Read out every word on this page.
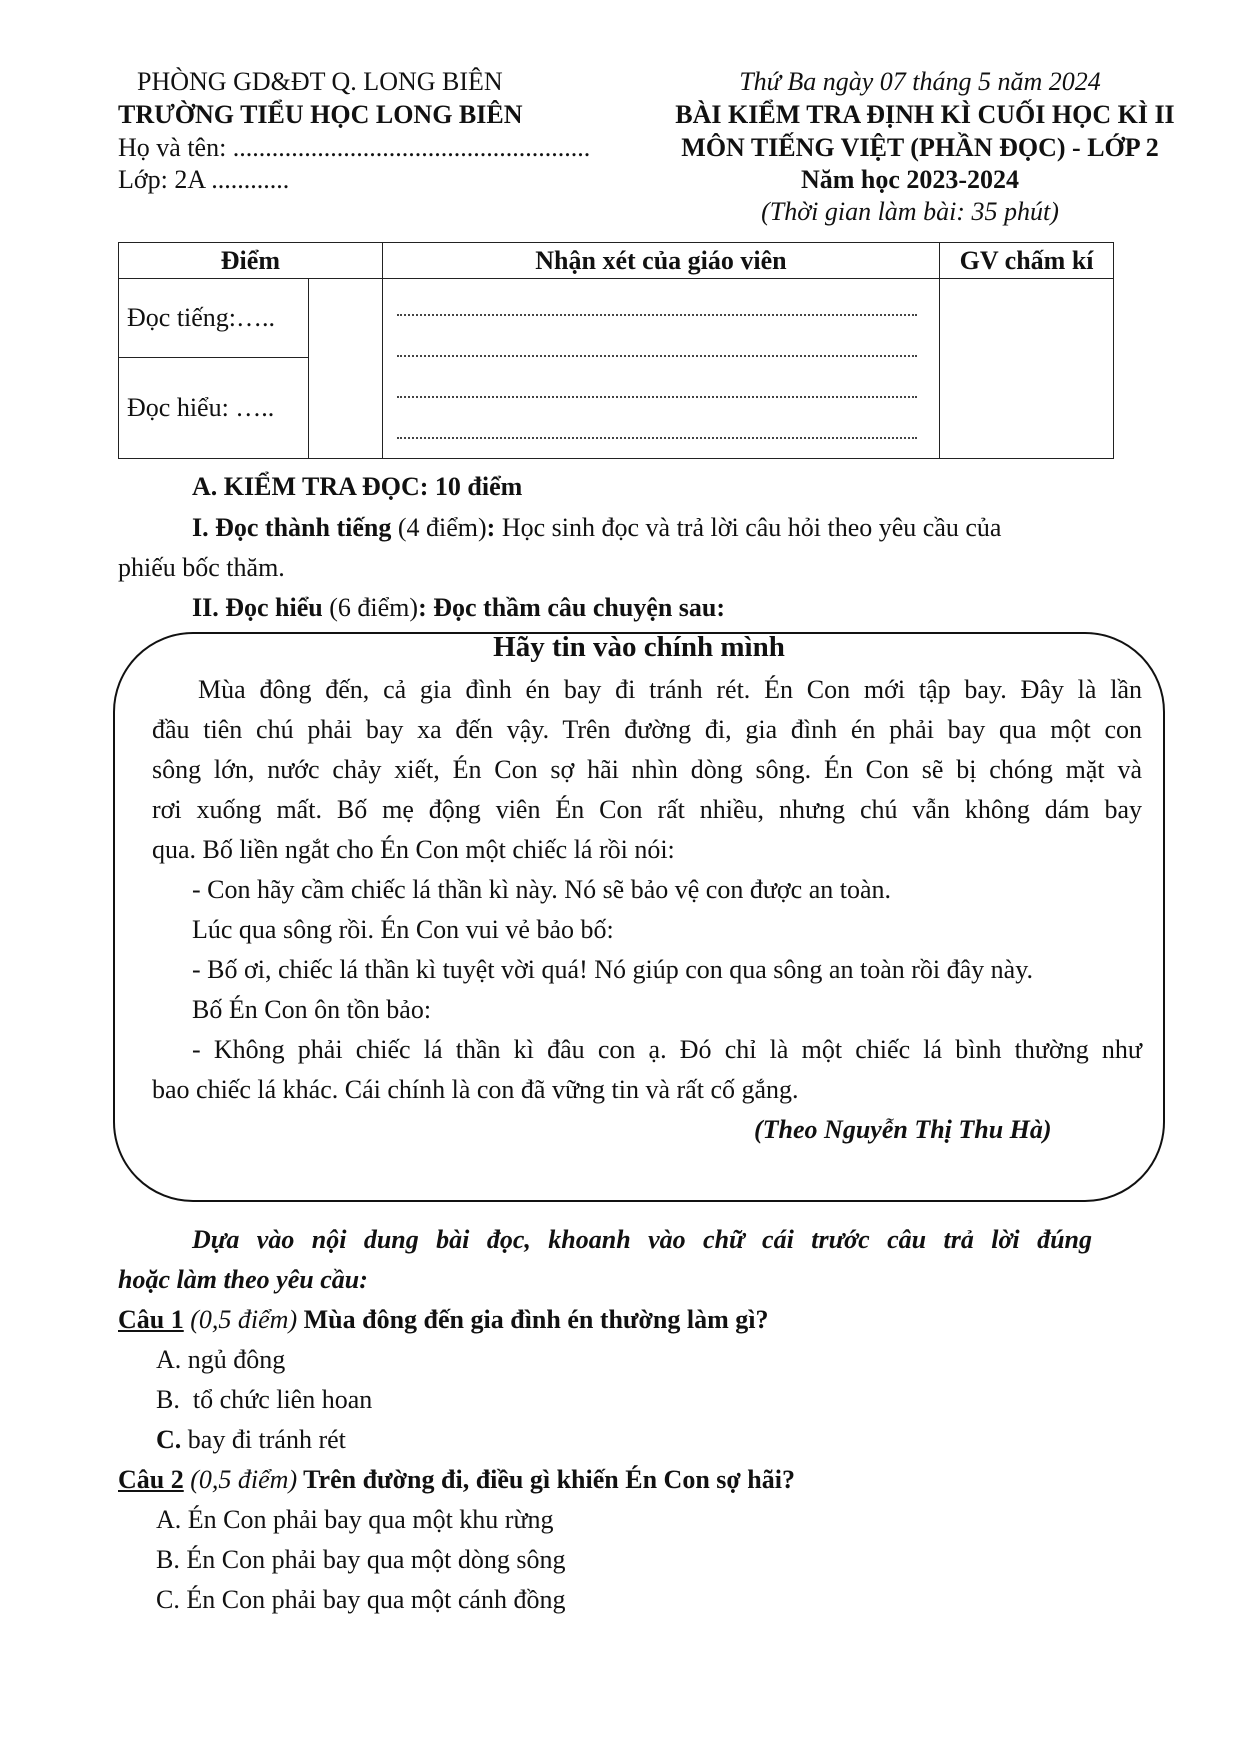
PHÒNG GD&ĐT Q. LONG BIÊN
TRƯỜNG TIỂU HỌC LONG BIÊN
Họ và tên: .......................................................
Lớp: 2A ............
Thứ Ba ngày 07 tháng 5 năm 2024
BÀI KIỂM TRA ĐỊNH KÌ CUỐI HỌC KÌ II
MÔN TIẾNG VIỆT (PHẦN ĐỌC) - LỚP 2
Năm học 2023-2024
(Thời gian làm bài: 35 phút)
Điểm		Nhận xét của giáo viên	GV chấm kí
Đọc tiếng:…..		

Đọc hiểu: …..			
A. KIỂM TRA ĐỌC: 10 điểm
I. Đọc thành tiếng (4 điểm): Học sinh đọc và trả lời câu hỏi theo yêu cầu của
phiếu bốc thăm.
II. Đọc hiểu (6 điểm): Đọc thầm câu chuyện sau:
Hãy tin vào chính mình
Mùa đông đến, cả gia đình én bay đi tránh rét. Én Con mới tập bay. Đây là lần
đầu tiên chú phải bay xa đến vậy. Trên đường đi, gia đình én phải bay qua một con
sông lớn, nước chảy xiết, Én Con sợ hãi nhìn dòng sông. Én Con sẽ bị chóng mặt và
rơi xuống mất. Bố mẹ động viên Én Con rất nhiều, nhưng chú vẫn không dám bay
qua. Bố liền ngắt cho Én Con một chiếc lá rồi nói:
- Con hãy cầm chiếc lá thần kì này. Nó sẽ bảo vệ con được an toàn.
Lúc qua sông rồi. Én Con vui vẻ bảo bố:
- Bố ơi, chiếc lá thần kì tuyệt vời quá! Nó giúp con qua sông an toàn rồi đây này.
Bố Én Con ôn tồn bảo:
- Không phải chiếc lá thần kì đâu con ạ. Đó chỉ là một chiếc lá bình thường như
bao chiếc lá khác. Cái chính là con đã vững tin và rất cố gắng.
(Theo Nguyễn Thị Thu Hà)
Dựa vào nội dung bài đọc, khoanh vào chữ cái trước câu trả lời đúng
hoặc làm theo yêu cầu:
Câu 1 (0,5 điểm) Mùa đông đến gia đình én thường làm gì?
A. ngủ đông
B. tổ chức liên hoan
C. bay đi tránh rét
Câu 2 (0,5 điểm) Trên đường đi, điều gì khiến Én Con sợ hãi?
A. Én Con phải bay qua một khu rừng
B. Én Con phải bay qua một dòng sông
C. Én Con phải bay qua một cánh đồng
